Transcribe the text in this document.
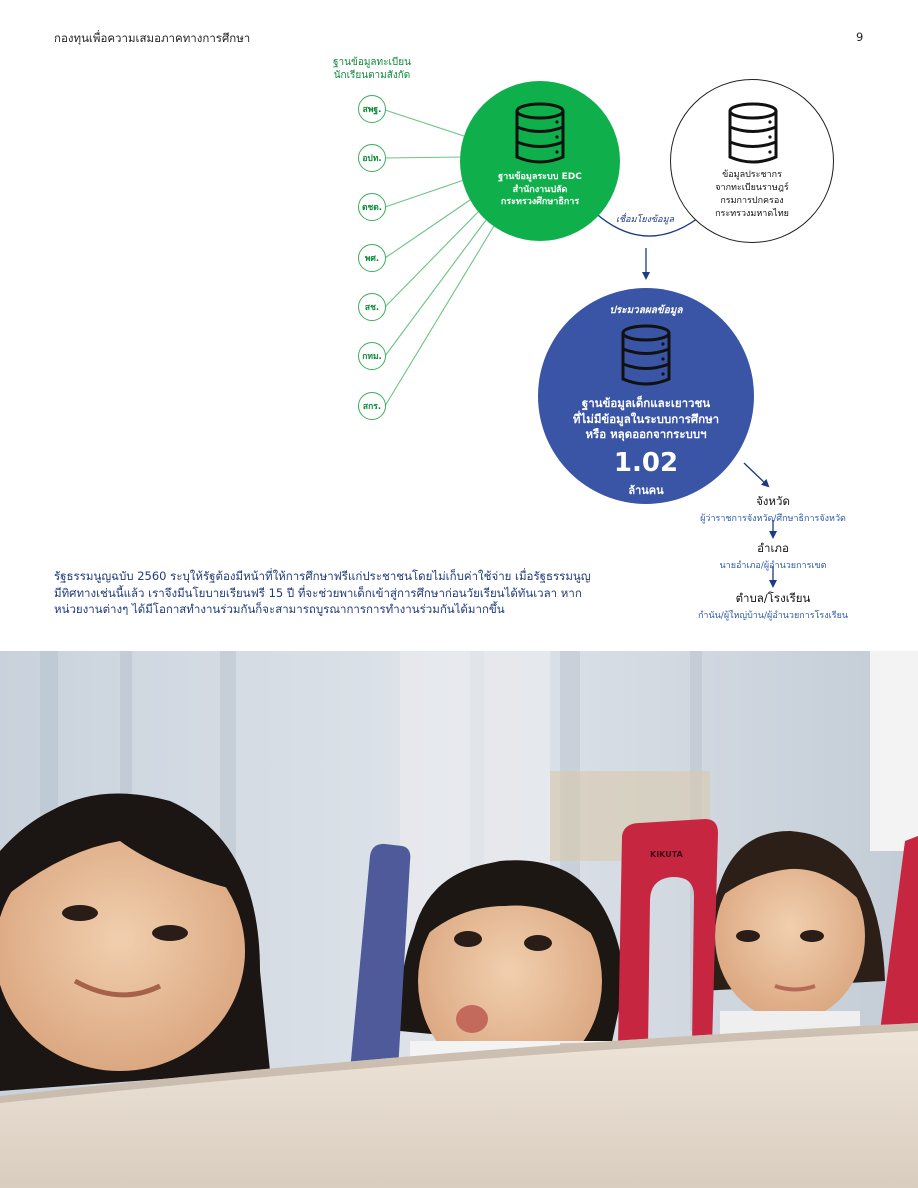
กองทุนเพื่อความเสมอภาคทางการศึกษา	9
ฐานข้อมูลทะเบียน
นักเรียนตามสังกัด
สพฐ.
อปท.
ตชด.
พศ.
สช.
กทม.
สกร.
ฐานข้อมูลระบบ EDC
สำนักงานปลัด
กระทรวงศึกษาธิการ
ข้อมูลประชากร
จากทะเบียนราษฎร์
กรมการปกครอง
กระทรวงมหาดไทย
เชื่อมโยงข้อมูล
ประมวลผลข้อมูล
ฐานข้อมูลเด็กและเยาวชน
ที่ไม่มีข้อมูลในระบบการศึกษา
หรือ หลุดออกจากระบบฯ
1.02
ล้านคน
จังหวัด
ผู้ว่าราชการจังหวัด/ศึกษาธิการจังหวัด
อำเภอ
นายอำเภอ/ผู้อำนวยการเขต
ตำบล/โรงเรียน
กำนัน/ผู้ใหญ่บ้าน/ผู้อำนวยการโรงเรียน
รัฐธรรมนูญฉบับ 2560 ระบุให้รัฐต้องมีหน้าที่ให้การศึกษาฟรีแก่ประชาชนโดยไม่เก็บค่าใช้จ่าย เมื่อรัฐธรรมนูญ
มีทิศทางเช่นนี้แล้ว เราจึงมีนโยบายเรียนฟรี 15 ปี ที่จะช่วยพาเด็กเข้าสู่การศึกษาก่อนวัยเรียนได้ทันเวลา หาก
หน่วยงานต่างๆ ได้มีโอกาสทำงานร่วมกันก็จะสามารถบูรณาการการทำงานร่วมกันได้มากขึ้น
KIKUTA
